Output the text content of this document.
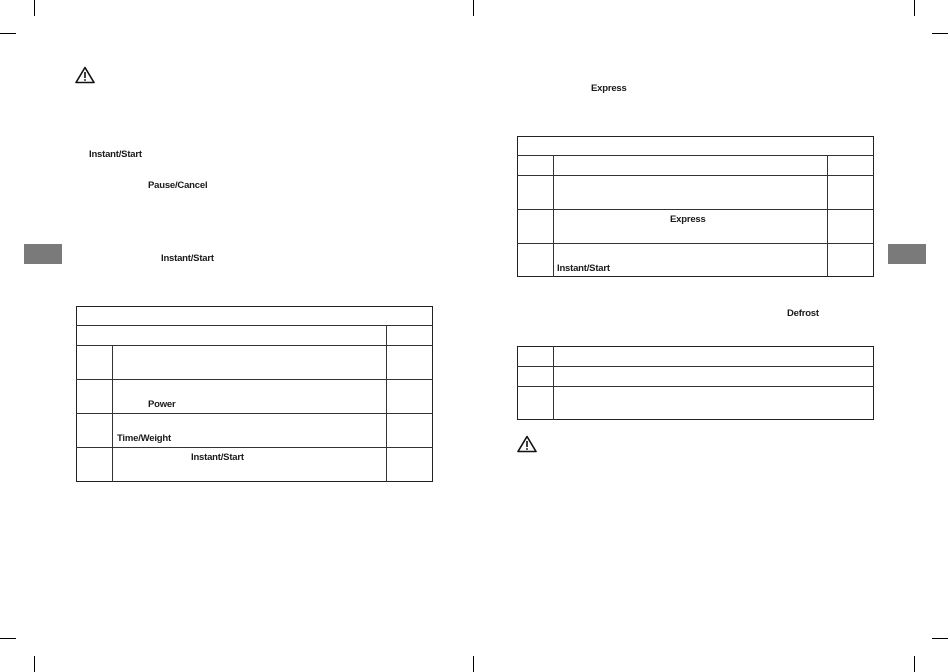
Instant/Start
Pause/Cancel
Instant/Start
Power
Time/Weight
Instant/Start
Express
Express
Instant/Start
Defrost
